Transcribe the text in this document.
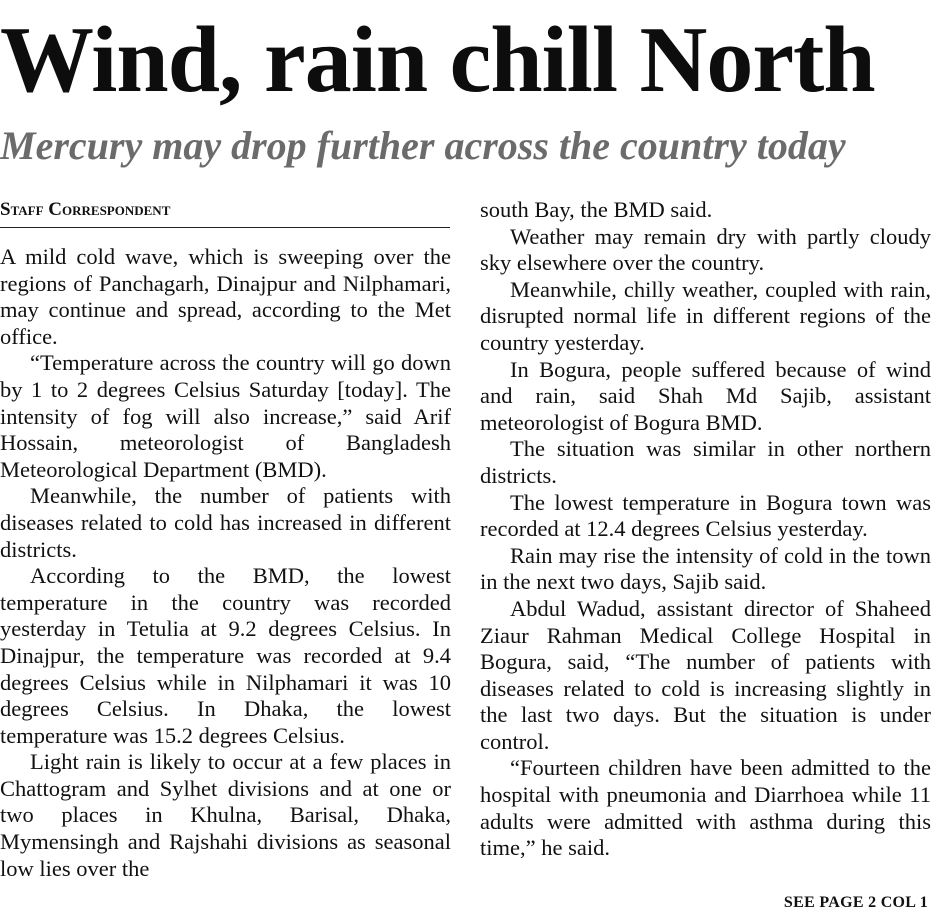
Wind, rain chill North
Mercury may drop further across the country today
Staff Correspondent

A mild cold wave, which is sweeping over the regions of Panchagarh, Dinajpur and Nilphamari, may continue and spread, according to the Met office.

“Temperature across the country will go down by 1 to 2 degrees Celsius Saturday [today]. The intensity of fog will also increase,” said Arif Hossain, meteorologist of Bangladesh Meteorological Department (BMD).

Meanwhile, the number of patients with diseases related to cold has increased in different districts.

According to the BMD, the lowest temperature in the country was recorded yesterday in Tetulia at 9.2 degrees Celsius. In Dinajpur, the temperature was recorded at 9.4 degrees Celsius while in Nilphamari it was 10 degrees Celsius. In Dhaka, the lowest temperature was 15.2 degrees Celsius.

Light rain is likely to occur at a few places in Chattogram and Sylhet divisions and at one or two places in Khulna, Barisal, Dhaka, Mymensingh and Rajshahi divisions as seasonal low lies over the

south Bay, the BMD said.

Weather may remain dry with partly cloudy sky elsewhere over the country.

Meanwhile, chilly weather, coupled with rain, disrupted normal life in different regions of the country yesterday.

In Bogura, people suffered because of wind and rain, said Shah Md Sajib, assistant meteorologist of Bogura BMD.

The situation was similar in other northern districts.

The lowest temperature in Bogura town was recorded at 12.4 degrees Celsius yesterday.

Rain may rise the intensity of cold in the town in the next two days, Sajib said.

Abdul Wadud, assistant director of Shaheed Ziaur Rahman Medical College Hospital in Bogura, said, “The number of patients with diseases related to cold is increasing slightly in the last two days. But the situation is under control.

“Fourteen children have been admitted to the hospital with pneumonia and Diarrhoea while 11 adults were admitted with asthma during this time,” he said.

SEE PAGE 2 COL 1
